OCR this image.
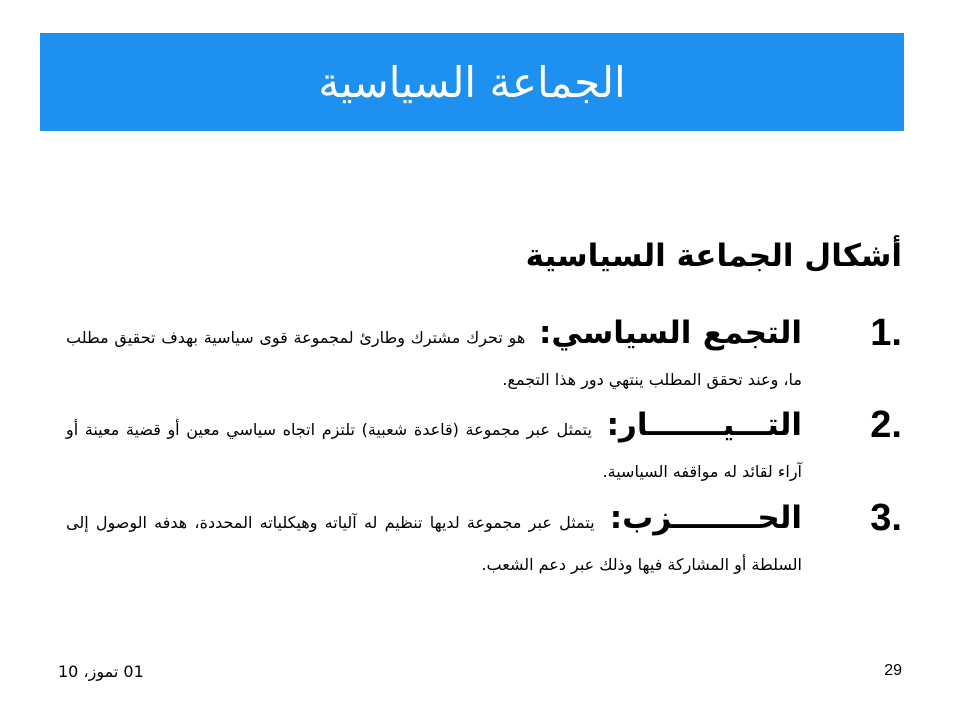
الجماعة السياسية
أشكال الجماعة السياسية
1.
التجمع السياسي: هو تحرك مشترك وطارئ لمجموعة قوى سياسية بهدف تحقيق مطلب ما، وعند تحقق المطلب ينتهي دور هذا التجمع.
2.
التـــيـــــــار: يتمثل عبر مجموعة (قاعدة شعبية) تلتزم اتجاه سياسي معين أو قضية معينة أو آراء لقائد له مواقفه السياسية.
3.
الحــــــــزب: يتمثل عبر مجموعة لديها تنظيم له آلياته وهيكلياته المحددة، هدفه الوصول إلى السلطة أو المشاركة فيها وذلك عبر دعم الشعب.
29
01 تموز، 10
